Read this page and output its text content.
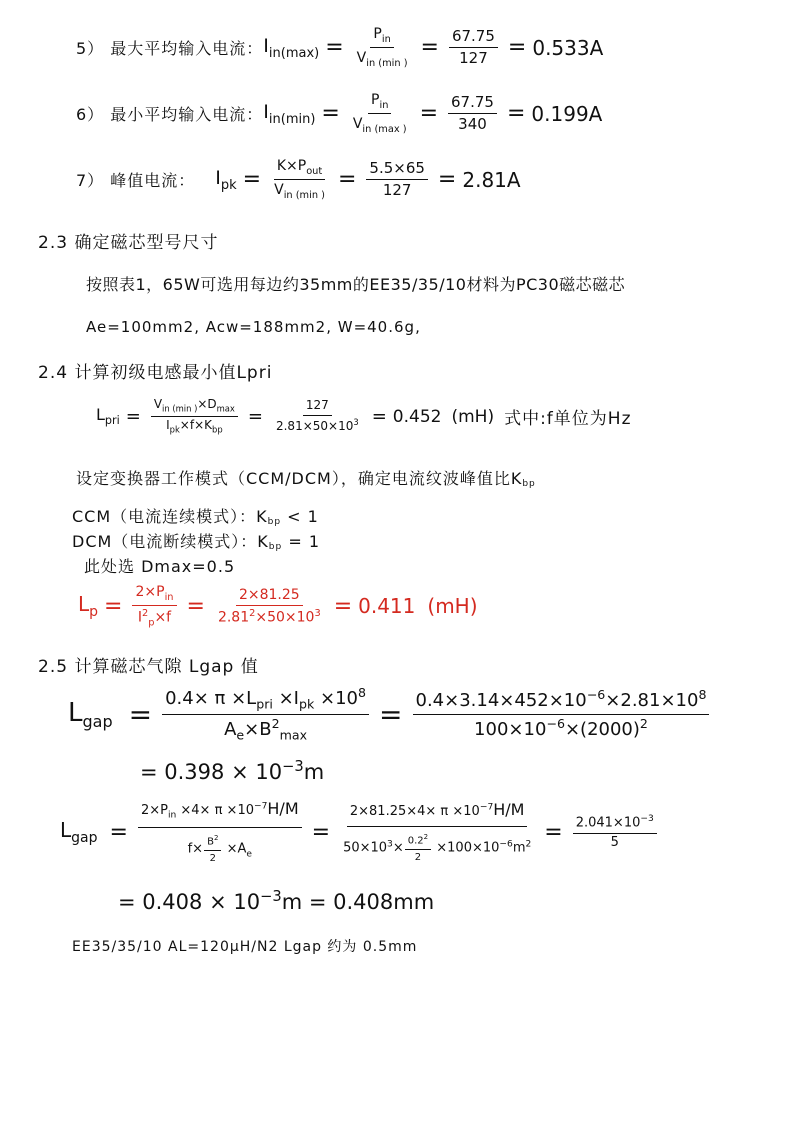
5） 最大平均输入电流： $I_{in(max)} = \frac{P_{in}}{V_{in (min )}} = \frac{67.75}{127} = 0.533A$
6） 最小平均输入电流： $I_{in(min)} = \frac{P_{in}}{V_{in (max )}} = \frac{67.75}{340} = 0.199A$
7） 峰值电流： $I_{pk} = \frac{K\times P_{out}}{V_{in (min )}} = \frac{5.5\times 65}{127} = 2.81A$
2.3 确定磁芯型号尺寸
按照表1，65W可选用每边约35mm的EE35/35/10材料为PC30磁芯磁芯
Ae=100mm2, Acw=188mm2, W=40.6g,
2.4 计算初级电感最小值Lpri
$L_{pri} = \frac{V_{in (min )}\times D_{max}}{I_{pk}\times f\times K_{bp}} = \frac{127}{2.81\times 50\times 10^3} = 0.452$ (mH) 式中:f单位为Hz
设定变换器工作模式（CCM/DCM），确定电流纹波峰值比Kbp
CCM（电流连续模式）：Kbp < 1
DCM（电流断续模式）：Kbp = 1
此处选 Dmax=0.5
$L_p = \frac{2\times P_{in}}{I^2_p\times f} = \frac{2\times 81.25}{2.81^2\times 50\times 10^3} = 0.411$ (mH)
2.5 计算磁芯气隙 Lgap 值
$L_{gap} = \frac{0.4\times \pi \times L_{pri} \times I_{pk} \times 10^8}{A_e\times B^2_{max}} = \frac{0.4\times 3.14\times 452\times 10^{-6}\times 2.81\times 10^8}{100\times 10^{-6}\times(2000)^2}$
= $0.398 \times 10^{-3}m$
$L_{gap} = \frac{2\times P_{in} \times 4\times \pi \times 10^{-7}H/M}{f\times \frac{B^2}{2} \times A_e} = \frac{2\times 81.25\times 4\times \pi \times 10^{-7}H/M}{50\times 10^3\times \frac{0.2^2}{2} \times 100\times 10^{-6}m^2} = \frac{2.041\times 10^{-3}}{5}$
= $0.408 \times 10^{-3}m = 0.408mm$
EE35/35/10 AL=120μH/N2 Lgap 约为 0.5mm
